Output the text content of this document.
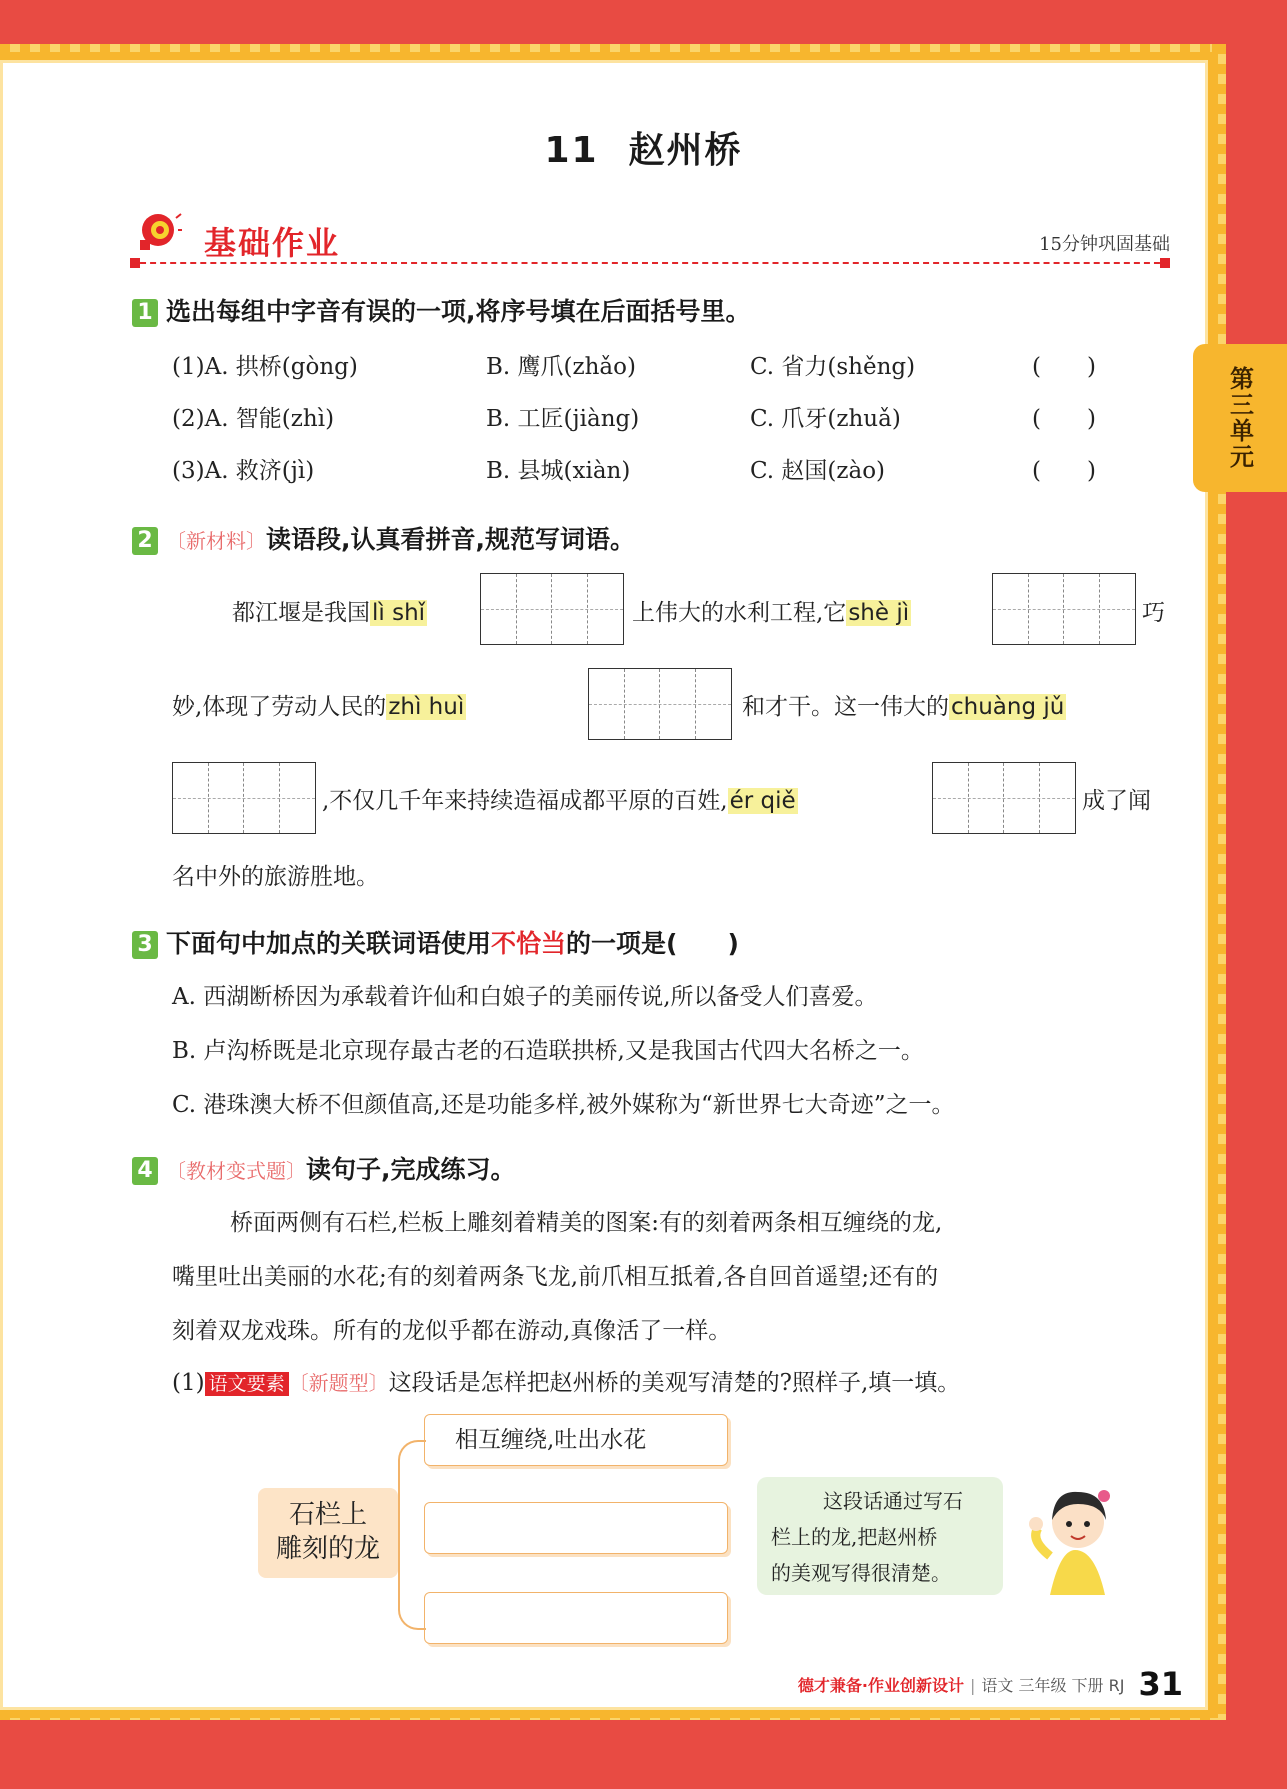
11 赵州桥
第三单元
基础作业	15分钟巩固基础
1 选出每组中字音有误的一项,将序号填在后面括号里。
(1)A. 拱桥(gòng)	B. 鹰爪(zhǎo)	C. 省力(shěng)	(　　)
(2)A. 智能(zhì)	B. 工匠(jiàng)	C. 爪牙(zhuǎ)	(　　)
(3)A. 救济(jì)	B. 县城(xiàn)	C. 赵国(zào)	(　　)
2 〔新材料〕读语段,认真看拼音,规范写词语。
都江堰是我国lì shǐ	上伟大的水利工程,它shè jì	巧
妙,体现了劳动人民的zhì huì	和才干。这一伟大的chuàng jǔ
,不仅几千年来持续造福成都平原的百姓,ér qiě	成了闻
名中外的旅游胜地。
3 下面句中加点的关联词语使用不恰当的一项是(　　)
A. 西湖断桥因为承载着许仙和白娘子的美丽传说,所以备受人们喜爱。
B. 卢沟桥既是北京现存最古老的石造联拱桥,又是我国古代四大名桥之一。
C. 港珠澳大桥不但颜值高,还是功能多样,被外媒称为“新世界七大奇迹”之一。
4 〔教材变式题〕读句子,完成练习。
桥面两侧有石栏,栏板上雕刻着精美的图案:有的刻着两条相互缠绕的龙,
嘴里吐出美丽的水花;有的刻着两条飞龙,前爪相互抵着,各自回首遥望;还有的
刻着双龙戏珠。所有的龙似乎都在游动,真像活了一样。
(1) 语文要素 〔新题型〕这段话是怎样把赵州桥的美观写清楚的?照样子,填一填。
石栏上
雕刻的龙
相互缠绕,吐出水花
这段话通过写石
栏上的龙,把赵州桥
的美观写得很清楚。
德才兼备·作业创新设计 | 语文 三年级 下册 RJ 31
